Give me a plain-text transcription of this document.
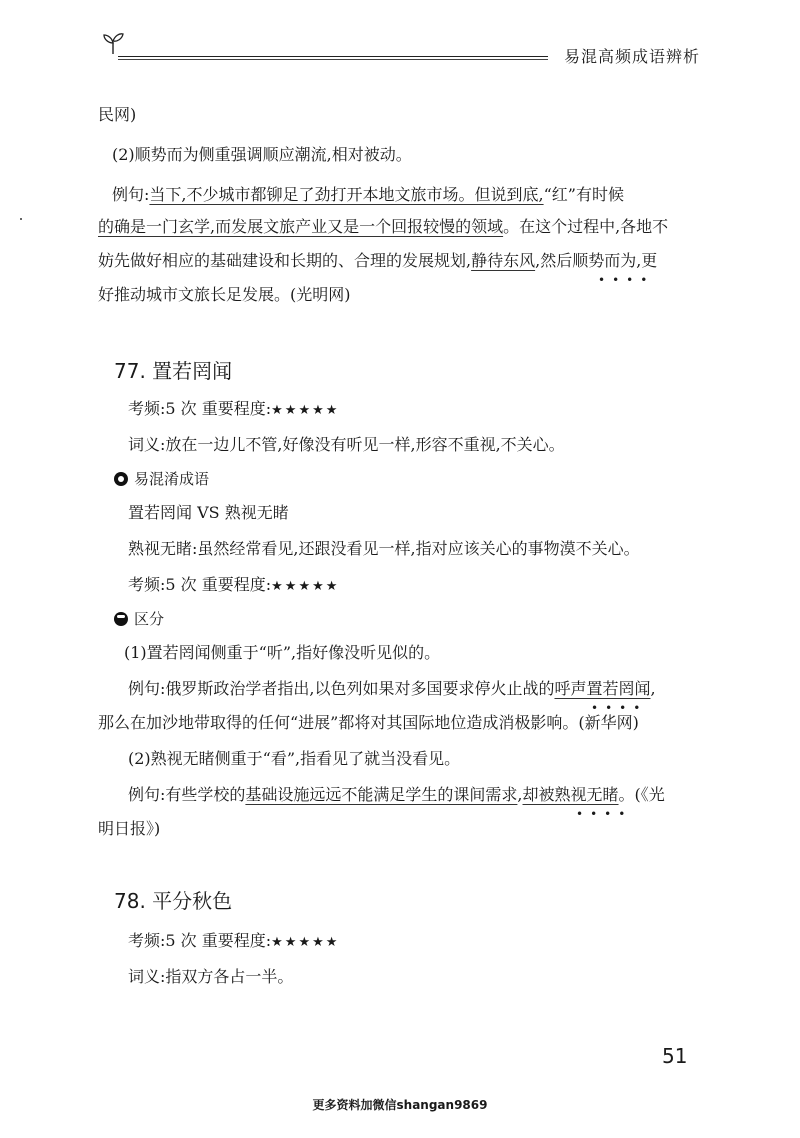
易混高频成语辨析
民网)
(2)顺势而为侧重强调顺应潮流,相对被动。
例句:当下,不少城市都铆足了劲打开本地文旅市场。但说到底,“红”有时候
的确是一门玄学,而发展文旅产业又是一个回报较慢的领域。在这个过程中,各地不
妨先做好相应的基础建设和长期的、合理的发展规划,静待东风,然后顺势而为,更
••••
好推动城市文旅长足发展。(光明网)
77. 置若罔闻
考频:5 次 重要程度:★★★★★
词义:放在一边儿不管,好像没有听见一样,形容不重视,不关心。
易混淆成语
置若罔闻 VS 熟视无睹
熟视无睹:虽然经常看见,还跟没看见一样,指对应该关心的事物漠不关心。
考频:5 次 重要程度:★★★★★
区分
(1)置若罔闻侧重于“听”,指好像没听见似的。
例句:俄罗斯政治学者指出,以色列如果对多国要求停火止战的呼声置若罔闻,
••••
那么在加沙地带取得的任何“进展”都将对其国际地位造成消极影响。(新华网)
(2)熟视无睹侧重于“看”,指看见了就当没看见。
例句:有些学校的基础设施远远不能满足学生的课间需求,却被熟视无睹。(《光
••••
明日报》)
78. 平分秋色
考频:5 次 重要程度:★★★★★
词义:指双方各占一半。
51
更多资料加微信shangan9869
